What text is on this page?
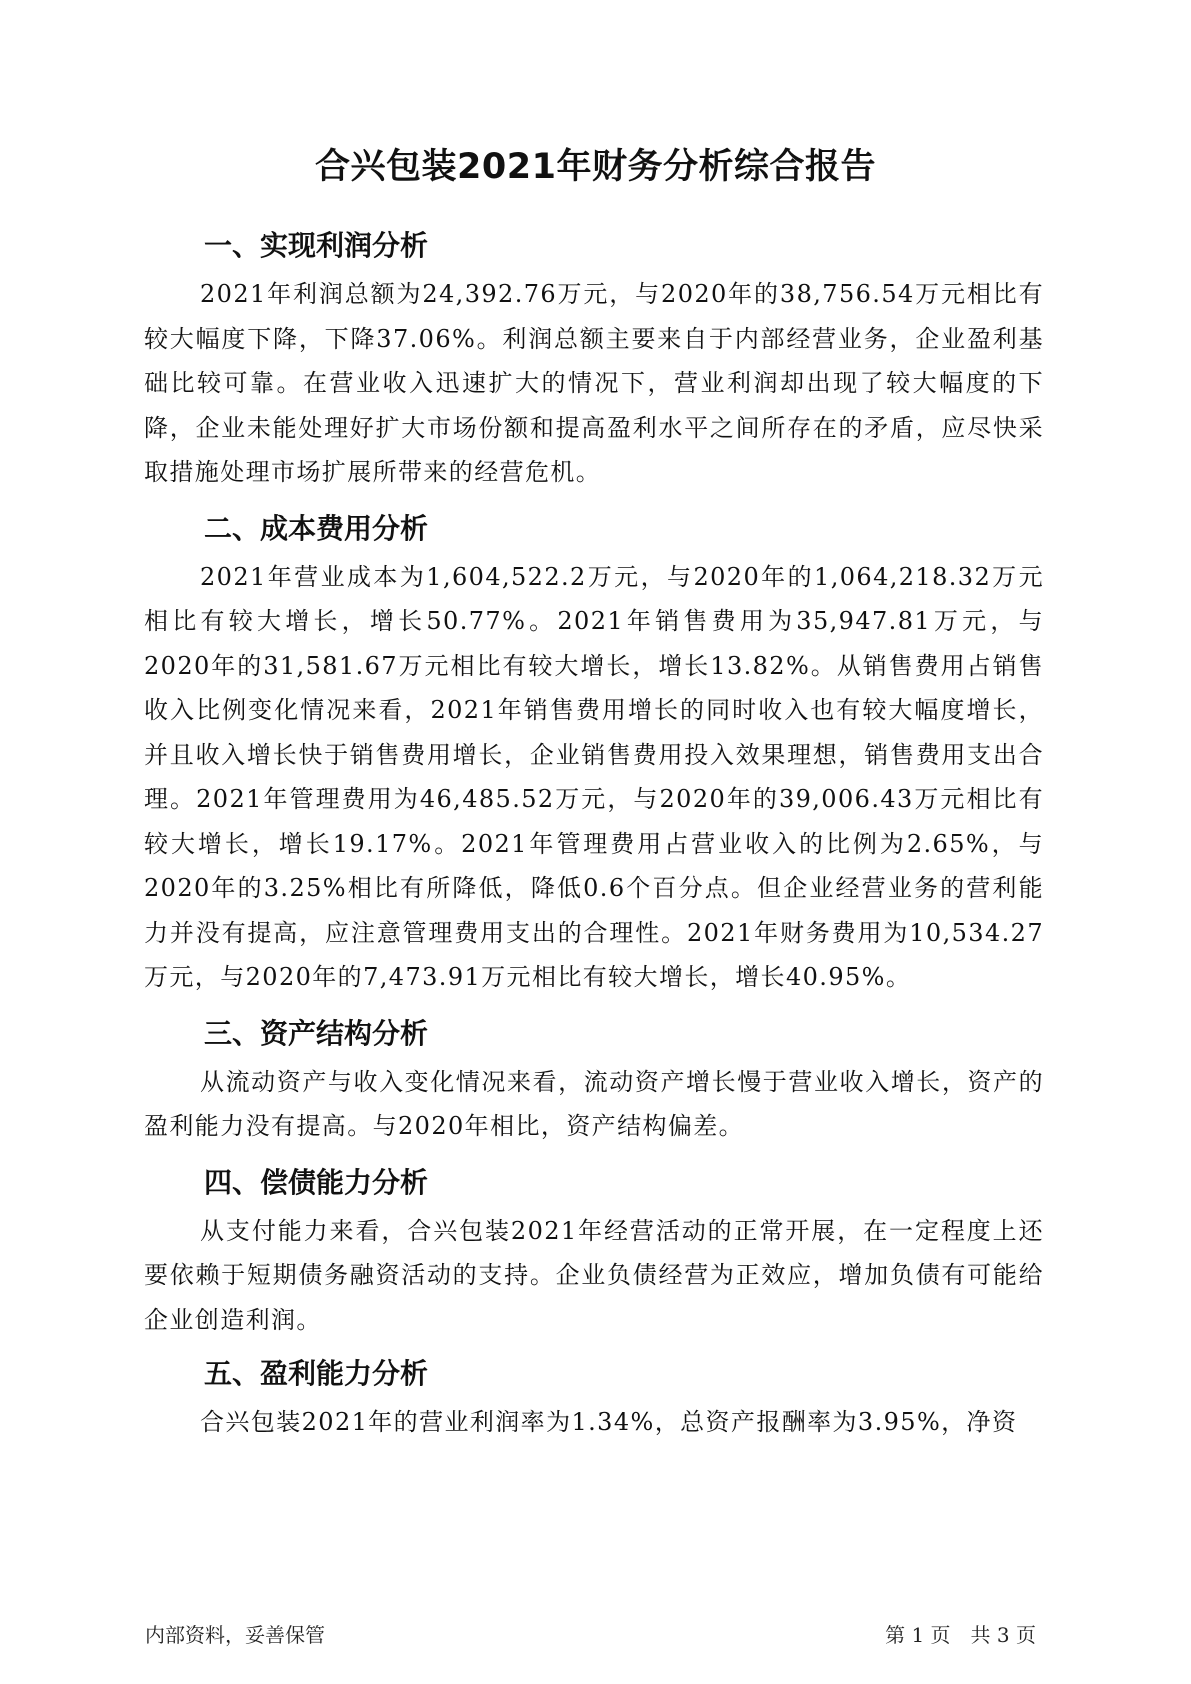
合兴包装2021年财务分析综合报告
一、实现利润分析

2021年利润总额为24,392.76万元，与2020年的38,756.54万元相比有较大幅度下降，下降37.06%。利润总额主要来自于内部经营业务，企业盈利基础比较可靠。在营业收入迅速扩大的情况下，营业利润却出现了较大幅度的下降，企业未能处理好扩大市场份额和提高盈利水平之间所存在的矛盾，应尽快采取措施处理市场扩展所带来的经营危机。

二、成本费用分析

2021年营业成本为1,604,522.2万元，与2020年的1,064,218.32万元相比有较大增长，增长50.77%。2021年销售费用为35,947.81万元，与2020年的31,581.67万元相比有较大增长，增长13.82%。从销售费用占销售收入比例变化情况来看，2021年销售费用增长的同时收入也有较大幅度增长，并且收入增长快于销售费用增长，企业销售费用投入效果理想，销售费用支出合理。2021年管理费用为46,485.52万元，与2020年的39,006.43万元相比有较大增长，增长19.17%。2021年管理费用占营业收入的比例为2.65%，与2020年的3.25%相比有所降低，降低0.6个百分点。但企业经营业务的营利能力并没有提高，应注意管理费用支出的合理性。2021年财务费用为10,534.27万元，与2020年的7,473.91万元相比有较大增长，增长40.95%。

三、资产结构分析

从流动资产与收入变化情况来看，流动资产增长慢于营业收入增长，资产的盈利能力没有提高。与2020年相比，资产结构偏差。

四、偿债能力分析

从支付能力来看，合兴包装2021年经营活动的正常开展，在一定程度上还要依赖于短期债务融资活动的支持。企业负债经营为正效应，增加负债有可能给企业创造利润。

五、盈利能力分析

合兴包装2021年的营业利润率为1.34%，总资产报酬率为3.95%，净资

内部资料，妥善保管	第 1 页　共 3 页
